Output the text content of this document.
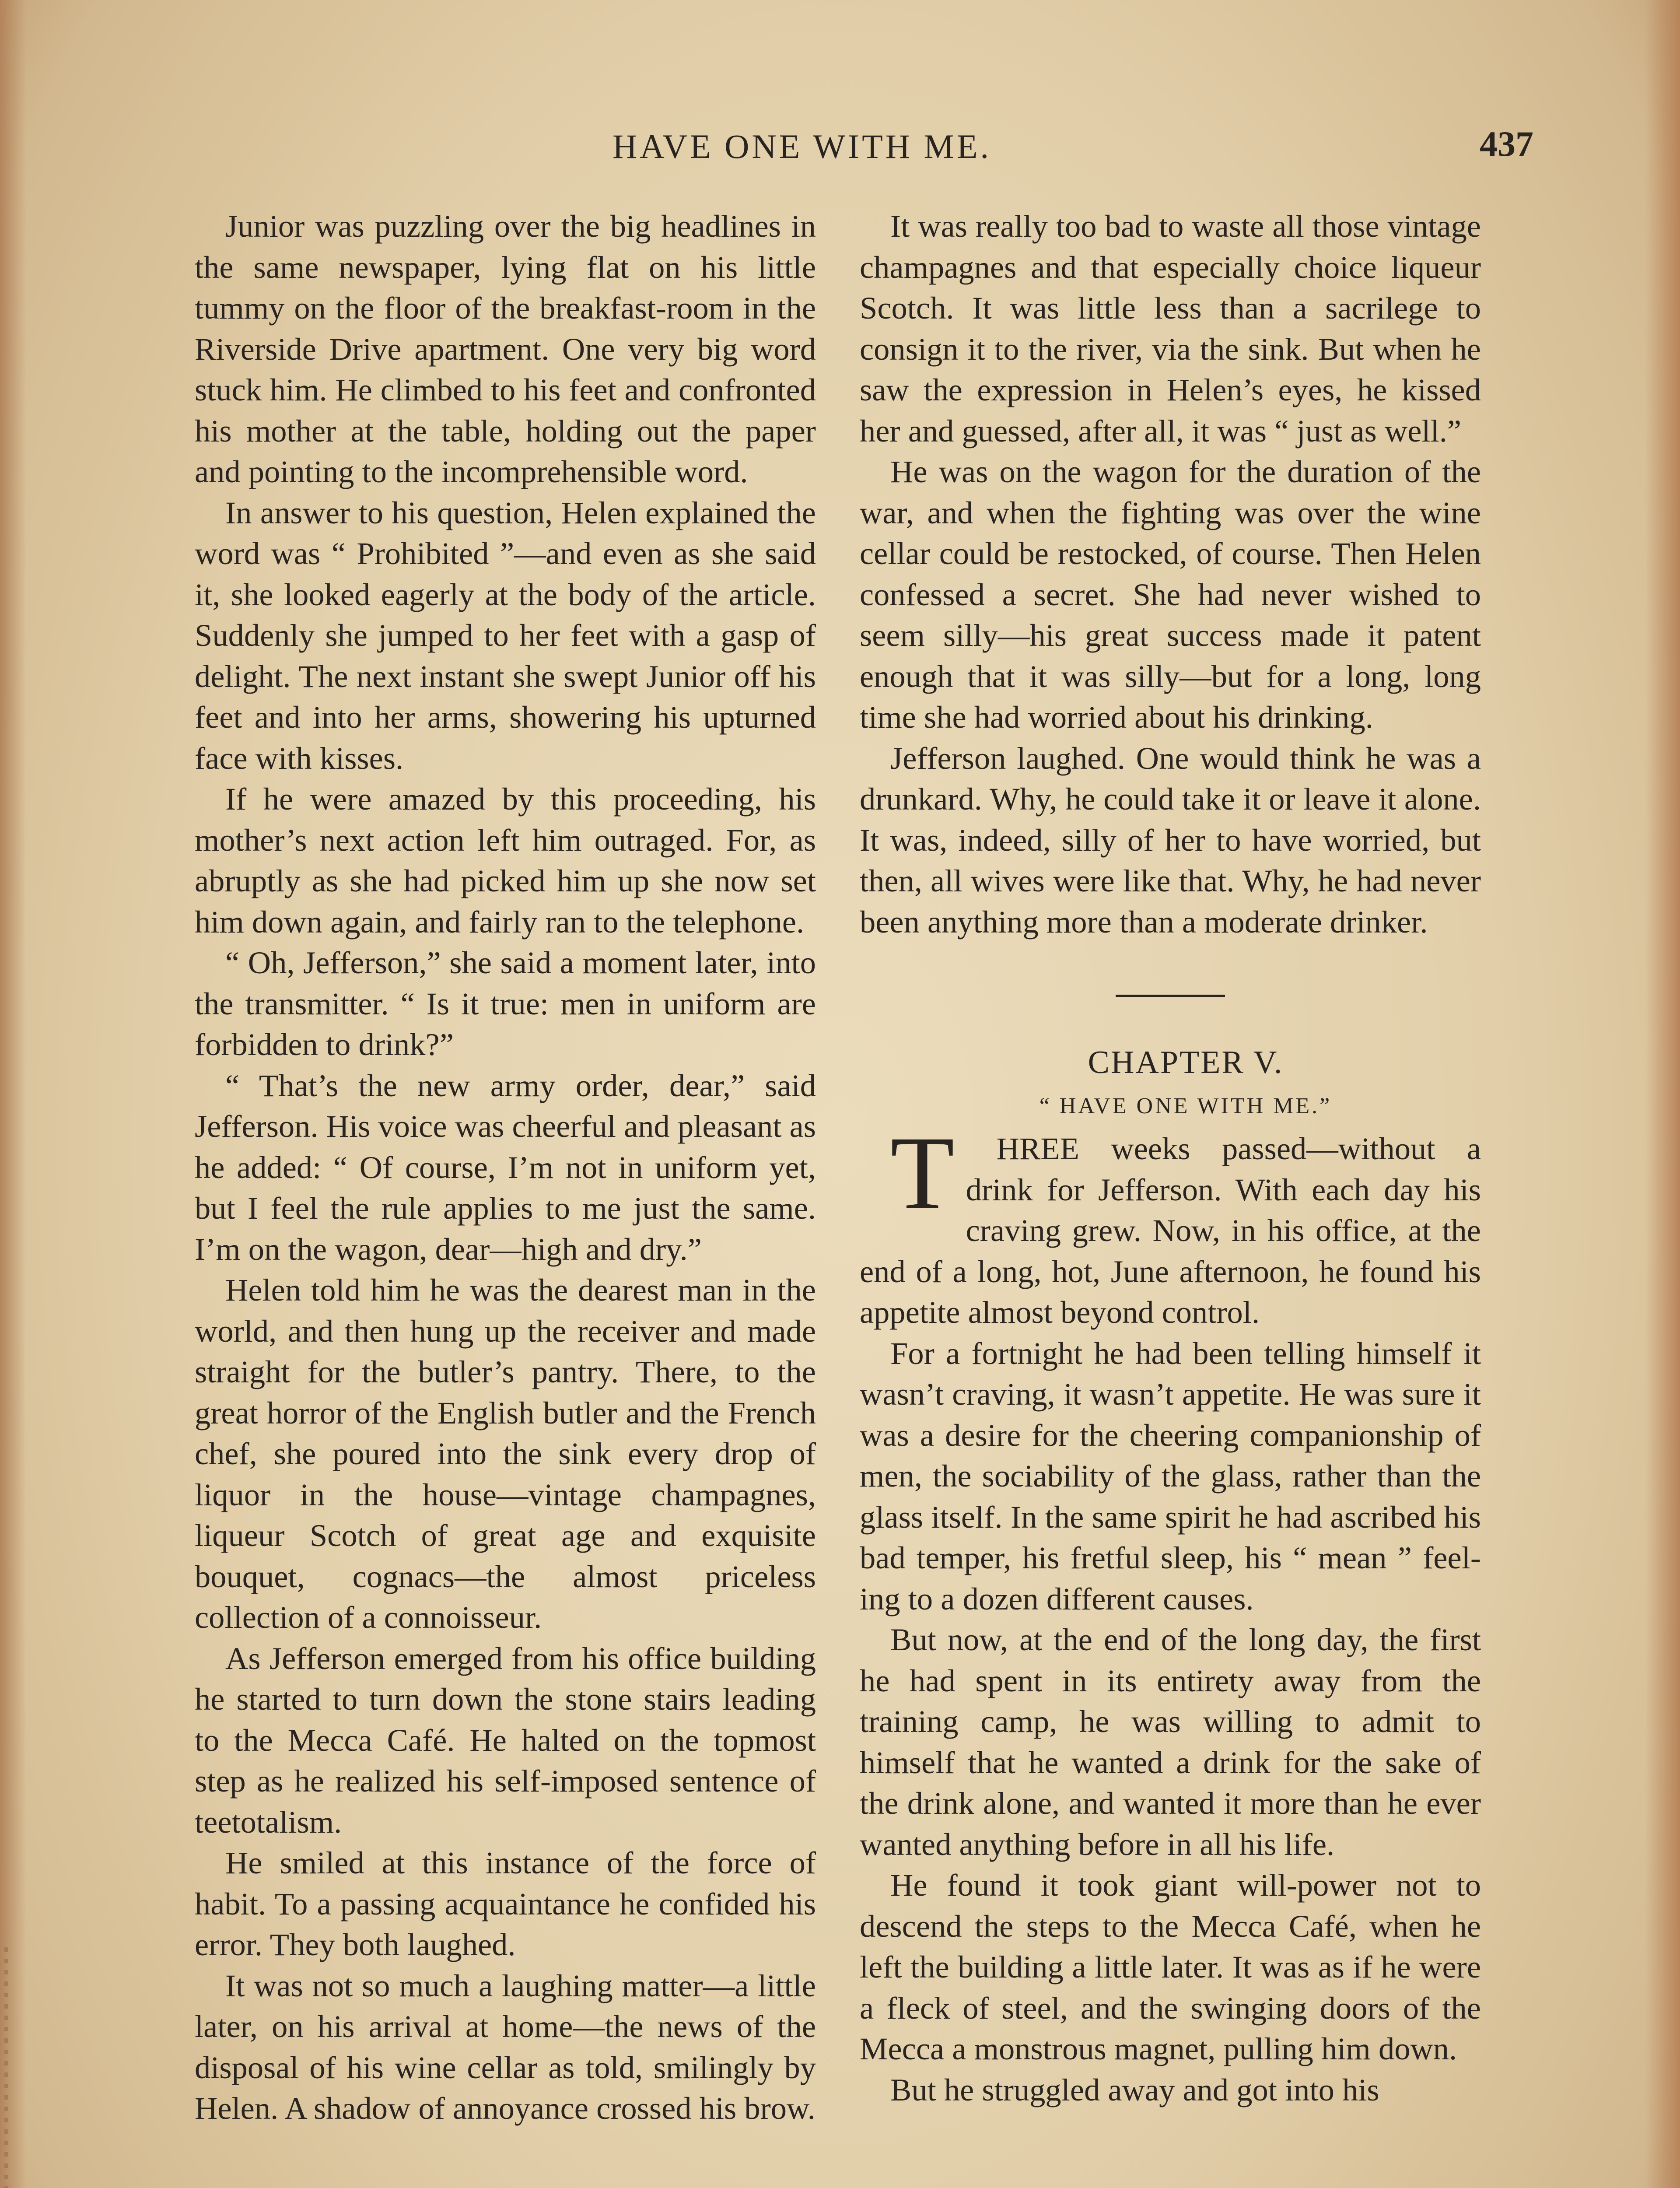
HAVE ONE WITH ME.	437

Junior was puzzling over the big headlines in the same newspaper, lying flat on his little tummy on the floor of the breakfast-room in the Riverside Drive apartment. One very big word stuck him. He climbed to his feet and confronted his mother at the table, holding out the paper and pointing to the incomprehensible word.

In answer to his question, Helen explained the word was “ Prohibited ”—and even as she said it, she looked eagerly at the body of the article. Suddenly she jumped to her feet with a gasp of delight. The next instant she swept Junior off his feet and into her arms, showering his upturned face with kisses.

If he were amazed by this proceeding, his mother’s next action left him outraged. For, as abruptly as she had picked him up she now set him down again, and fairly ran to the telephone.

“ Oh, Jefferson,” she said a moment later, into the transmitter. “ Is it true: men in uniform are forbidden to drink?”

“ That’s the new army order, dear,” said Jefferson. His voice was cheerful and pleasant as he added: “ Of course, I’m not in uniform yet, but I feel the rule applies to me just the same. I’m on the wagon, dear—high and dry.”

Helen told him he was the dearest man in the world, and then hung up the receiver and made straight for the butler’s pantry. There, to the great horror of the English butler and the French chef, she poured into the sink every drop of liquor in the house—vintage champagnes, liqueur Scotch of great age and exquisite bouquet, cognacs—the almost priceless collection of a connoisseur.

As Jefferson emerged from his office building he started to turn down the stone stairs leading to the Mecca Café. He halted on the topmost step as he realized his self-imposed sentence of teetotalism.

He smiled at this instance of the force of habit. To a passing acquaintance he confided his error. They both laughed.

It was not so much a laughing matter—a little later, on his arrival at home—the news of the disposal of his wine cellar as told, smilingly by Helen. A shadow of annoyance crossed his brow.

It was really too bad to waste all those vintage champagnes and that especially choice liqueur Scotch. It was little less than a sacrilege to consign it to the river, via the sink. But when he saw the expression in Helen’s eyes, he kissed her and guessed, after all, it was “ just as well.”

He was on the wagon for the duration of the war, and when the fighting was over the wine cellar could be restocked, of course. Then Helen confessed a secret. She had never wished to seem silly—his great success made it patent enough that it was silly—but for a long, long time she had worried about his drinking.

Jefferson laughed. One would think he was a drunkard. Why, he could take it or leave it alone. It was, indeed, silly of her to have worried, but then, all wives were like that. Why, he had never been anything more than a moderate drinker.

CHAPTER V.

“ HAVE ONE WITH ME.”

T HREE weeks passed—without a drink for Jefferson. With each day his craving grew. Now, in his office, at the end of a long, hot, June afternoon, he found his appetite almost beyond control.

For a fortnight he had been telling himself it wasn’t craving, it wasn’t appetite. He was sure it was a desire for the cheering companionship of men, the sociability of the glass, rather than the glass itself. In the same spirit he had ascribed his bad temper, his fretful sleep, his “ mean ” feeling to a dozen different causes.

But now, at the end of the long day, the first he had spent in its entirety away from the training camp, he was willing to admit to himself that he wanted a drink for the sake of the drink alone, and wanted it more than he ever wanted anything before in all his life.

He found it took giant will-power not to descend the steps to the Mecca Café, when he left the building a little later. It was as if he were a fleck of steel, and the swinging doors of the Mecca a monstrous magnet, pulling him down.

But he struggled away and got into his
